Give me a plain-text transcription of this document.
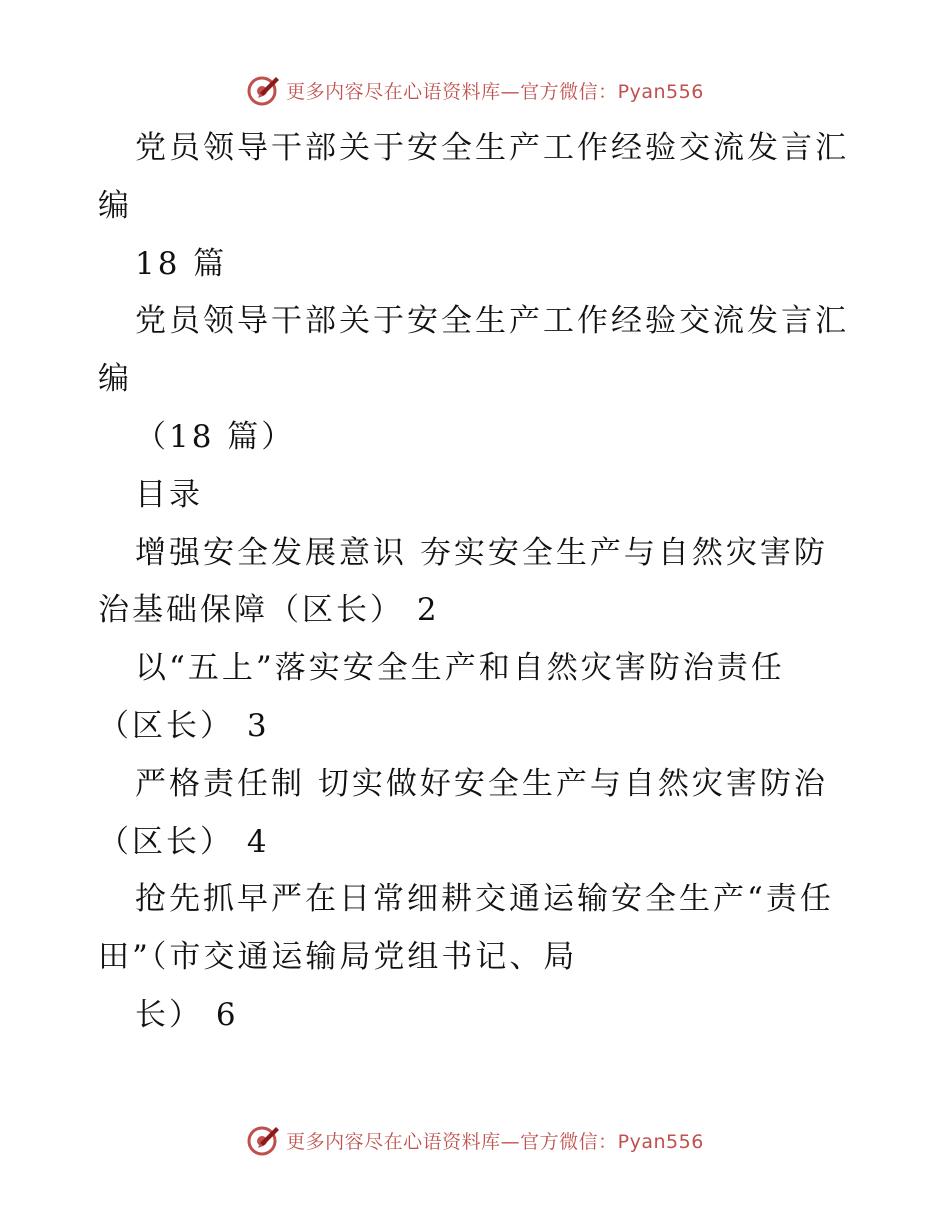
更多内容尽在心语资料库—官方微信：Pyan556
党员领导干部关于安全生产工作经验交流发言汇
编
18 篇
党员领导干部关于安全生产工作经验交流发言汇
编
（18 篇）
目录
增强安全发展意识 夯实安全生产与自然灾害防
治基础保障（区长） 2
以“五上”落实安全生产和自然灾害防治责任
（区长） 3
严格责任制 切实做好安全生产与自然灾害防治
（区长） 4
抢先抓早严在日常细耕交通运输安全生产“责任
田”（市交通运输局党组书记、局
长） 6
更多内容尽在心语资料库—官方微信：Pyan556
